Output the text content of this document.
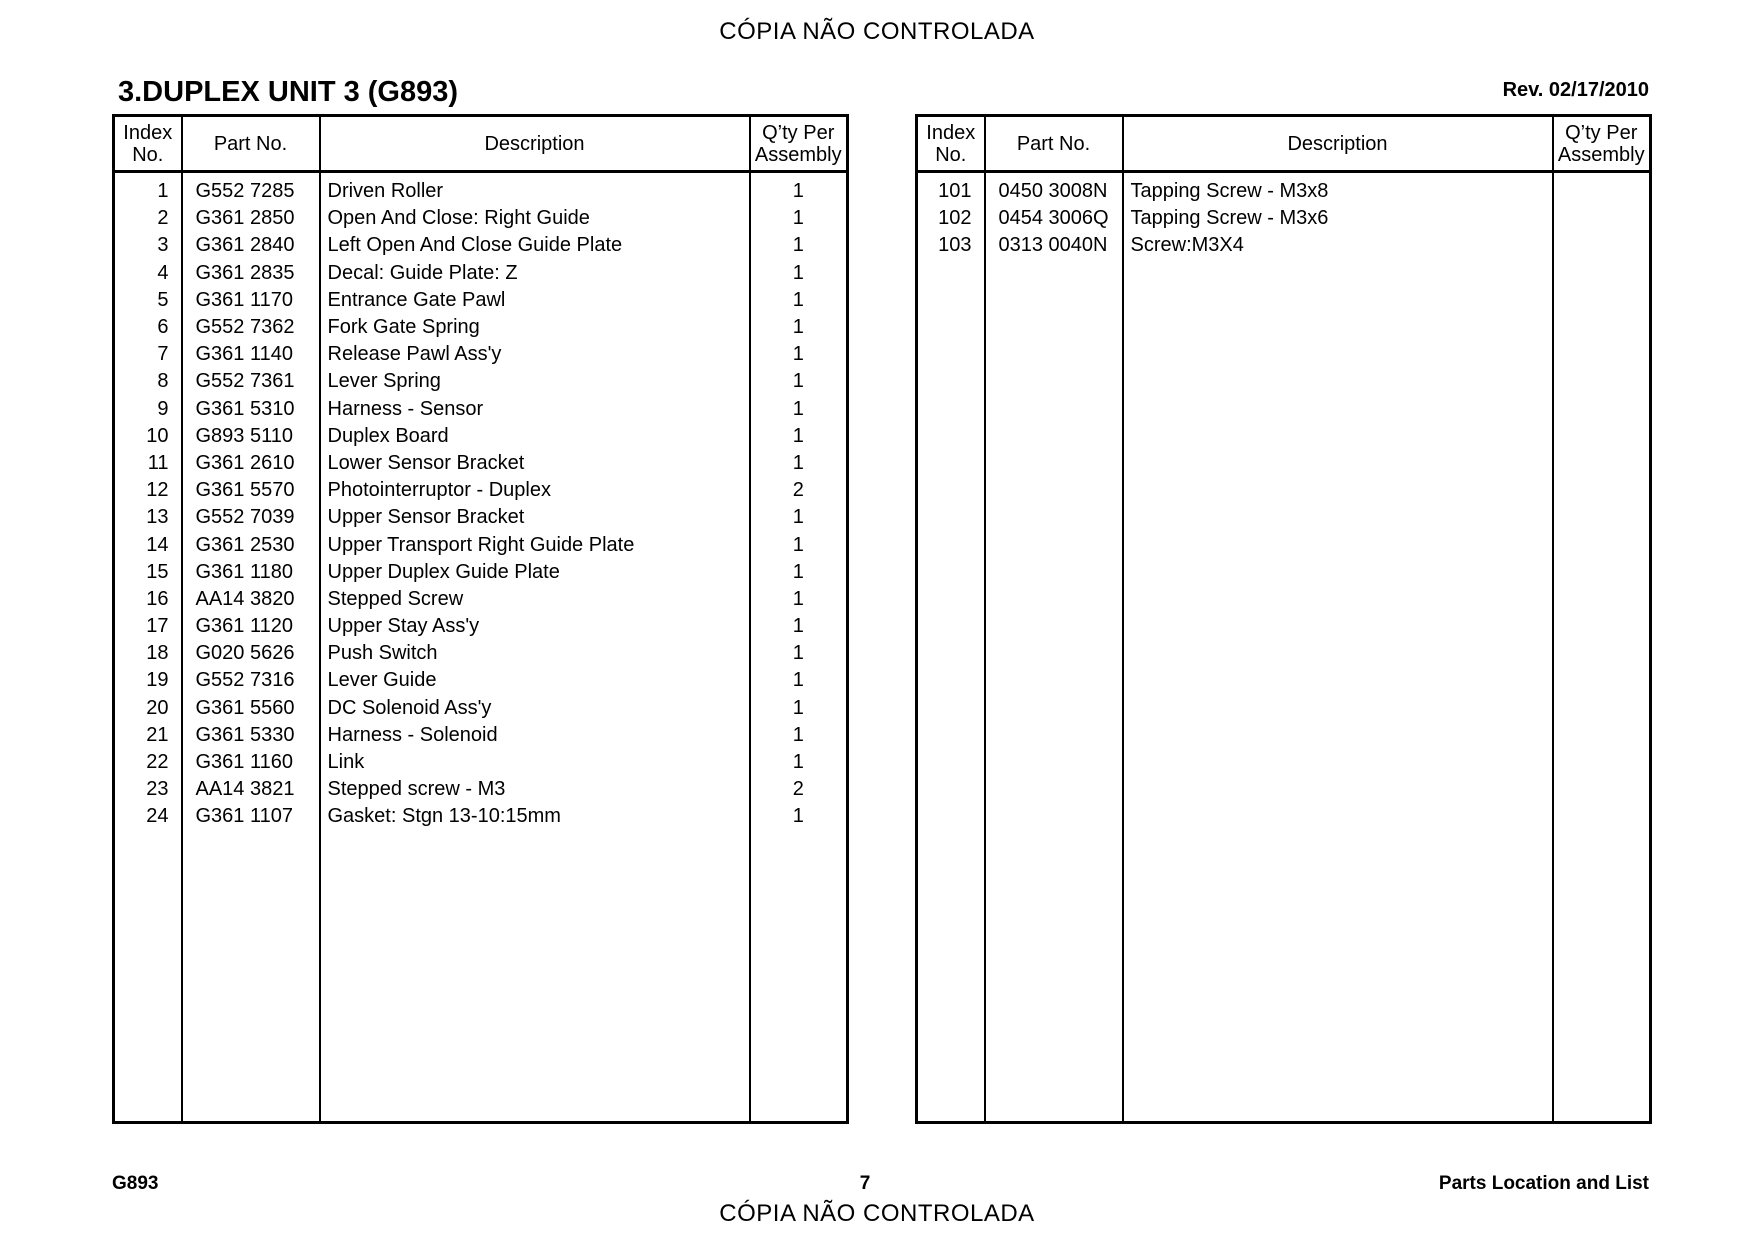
CÓPIA NÃO CONTROLADA
3.DUPLEX UNIT 3 (G893)	Rev. 02/17/2010
Index
No.	Part No.	Description	Q’ty Per
Assembly
1	G552 7285	Driven Roller	1
2	G361 2850	Open And Close: Right Guide	1
3	G361 2840	Left Open And Close Guide Plate	1
4	G361 2835	Decal: Guide Plate: Z	1
5	G361 1170	Entrance Gate Pawl	1
6	G552 7362	Fork Gate Spring	1
7	G361 1140	Release Pawl Ass'y	1
8	G552 7361	Lever Spring	1
9	G361 5310	Harness - Sensor	1
10	G893 5110	Duplex Board	1
11	G361 2610	Lower Sensor Bracket	1
12	G361 5570	Photointerruptor - Duplex	2
13	G552 7039	Upper Sensor Bracket	1
14	G361 2530	Upper Transport Right Guide Plate	1
15	G361 1180	Upper Duplex Guide Plate	1
16	AA14 3820	Stepped Screw	1
17	G361 1120	Upper Stay Ass'y	1
18	G020 5626	Push Switch	1
19	G552 7316	Lever Guide	1
20	G361 5560	DC Solenoid Ass'y	1
21	G361 5330	Harness - Solenoid	1
22	G361 1160	Link	1
23	AA14 3821	Stepped screw - M3	2
24	G361 1107	Gasket: Stgn 13-10:15mm	1

Index
No.	Part No.	Description	Q’ty Per
Assembly
101	0450 3008N	Tapping Screw - M3x8	
102	0454 3006Q	Tapping Screw - M3x6	
103	0313 0040N	Screw:M3X4	

G893	7	Parts Location and List
CÓPIA NÃO CONTROLADA
